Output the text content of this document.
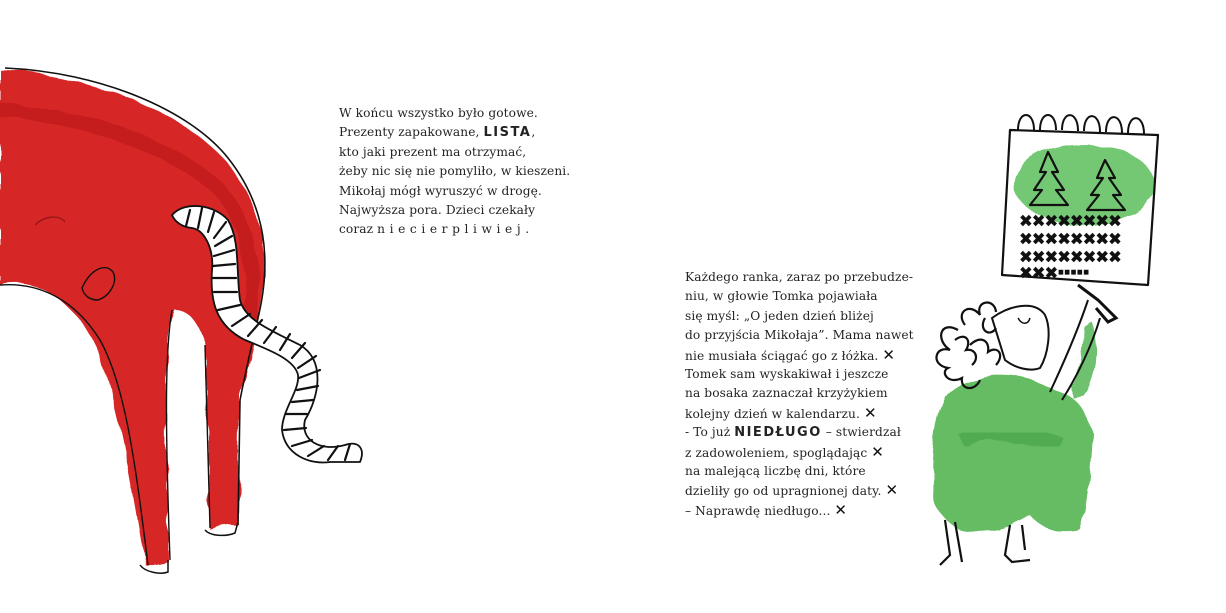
××××××××
××××××××
××××××××
×××·····
W końcu wszystko było gotowe.
Prezenty zapakowane, LISTA,
kto jaki prezent ma otrzymać,
żeby nic się nie pomyliło, w kieszeni.
Mikołaj mógł wyruszyć w drogę.
Najwyższa pora. Dzieci czekały
coraz niecierpliwiej.
Każdego ranka, zaraz po przebudze-
niu, w głowie Tomka pojawiała
się myśl: „O jeden dzień bliżej
do przyjścia Mikołaja”. Mama nawet
nie musiała ściągać go z łóżka. ✕
Tomek sam wyskakiwał i jeszcze
na bosaka zaznaczał krzyżykiem
kolejny dzień w kalendarzu. ✕
- To już NIEDŁUGO – stwierdzał
z zadowoleniem, spoglądając ✕
na malejącą liczbę dni, które
dzieliły go od upragnionej daty. ✕
– Naprawdę niedługo... ✕
